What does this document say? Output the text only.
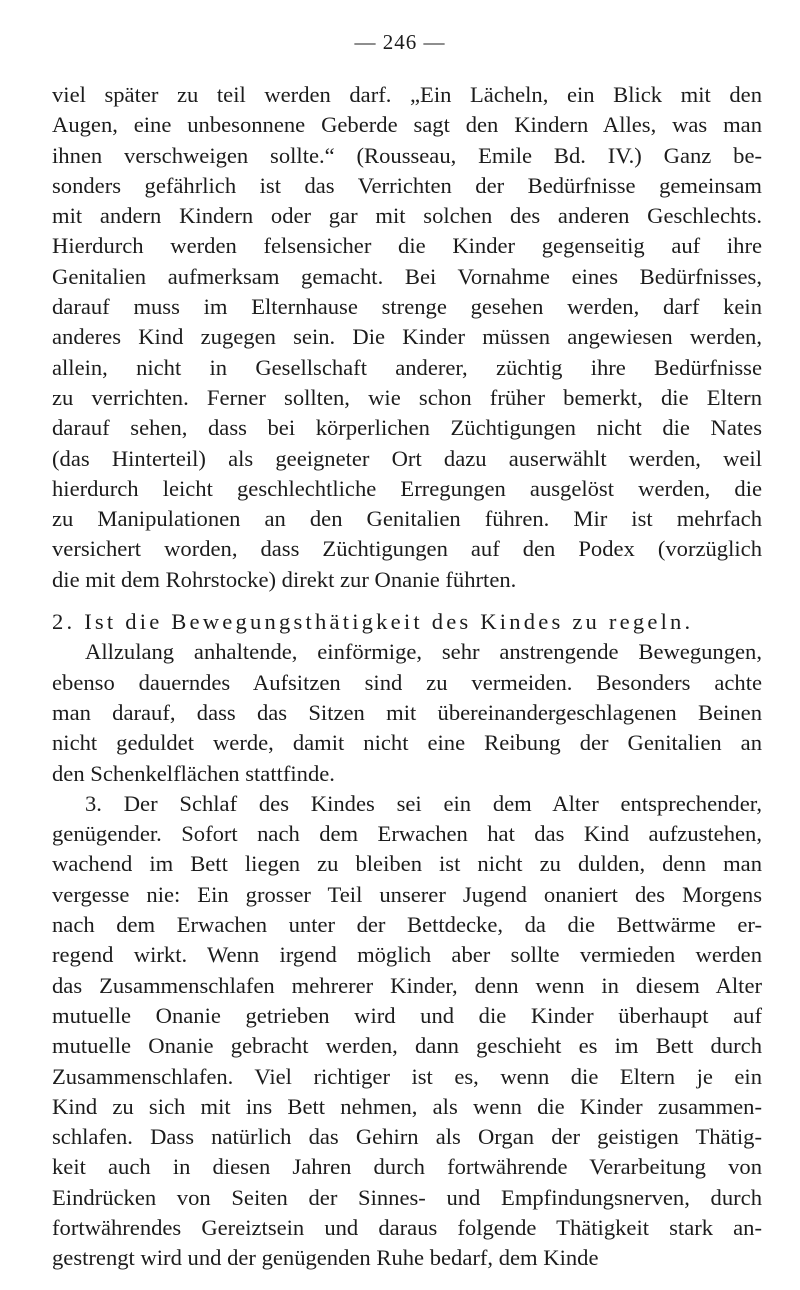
— 246 —
viel später zu teil werden darf. „Ein Lächeln, ein Blick mit den
Augen, eine unbesonnene Geberde sagt den Kindern Alles, was man
ihnen verschweigen sollte.“ (Rousseau, Emile Bd. IV.) Ganz be-
sonders gefährlich ist das Verrichten der Bedürfnisse gemeinsam
mit andern Kindern oder gar mit solchen des anderen Geschlechts.
Hierdurch werden felsensicher die Kinder gegenseitig auf ihre
Genitalien aufmerksam gemacht. Bei Vornahme eines Bedürfnisses,
darauf muss im Elternhause strenge gesehen werden, darf kein
anderes Kind zugegen sein. Die Kinder müssen angewiesen werden,
allein, nicht in Gesellschaft anderer, züchtig ihre Bedürfnisse
zu verrichten. Ferner sollten, wie schon früher bemerkt, die Eltern
darauf sehen, dass bei körperlichen Züchtigungen nicht die Nates
(das Hinterteil) als geeigneter Ort dazu auserwählt werden, weil
hierdurch leicht geschlechtliche Erregungen ausgelöst werden, die
zu Manipulationen an den Genitalien führen. Mir ist mehrfach
versichert worden, dass Züchtigungen auf den Podex (vorzüglich
die mit dem Rohrstocke) direkt zur Onanie führten.
2. Ist die Bewegungsthätigkeit des Kindes zu regeln.
Allzulang anhaltende, einförmige, sehr anstrengende Bewegungen,
ebenso dauerndes Aufsitzen sind zu vermeiden. Besonders achte
man darauf, dass das Sitzen mit übereinandergeschlagenen Beinen
nicht geduldet werde, damit nicht eine Reibung der Genitalien an
den Schenkelflächen stattfinde.
3. Der Schlaf des Kindes sei ein dem Alter entsprechender,
genügender. Sofort nach dem Erwachen hat das Kind aufzustehen,
wachend im Bett liegen zu bleiben ist nicht zu dulden, denn man
vergesse nie: Ein grosser Teil unserer Jugend onaniert des Morgens
nach dem Erwachen unter der Bettdecke, da die Bettwärme er-
regend wirkt. Wenn irgend möglich aber sollte vermieden werden
das Zusammenschlafen mehrerer Kinder, denn wenn in diesem Alter
mutuelle Onanie getrieben wird und die Kinder überhaupt auf
mutuelle Onanie gebracht werden, dann geschieht es im Bett durch
Zusammenschlafen. Viel richtiger ist es, wenn die Eltern je ein
Kind zu sich mit ins Bett nehmen, als wenn die Kinder zusammen-
schlafen. Dass natürlich das Gehirn als Organ der geistigen Thätig-
keit auch in diesen Jahren durch fortwährende Verarbeitung von
Eindrücken von Seiten der Sinnes- und Empfindungsnerven, durch
fortwährendes Gereiztsein und daraus folgende Thätigkeit stark an-
gestrengt wird und der genügenden Ruhe bedarf, dem Kinde
